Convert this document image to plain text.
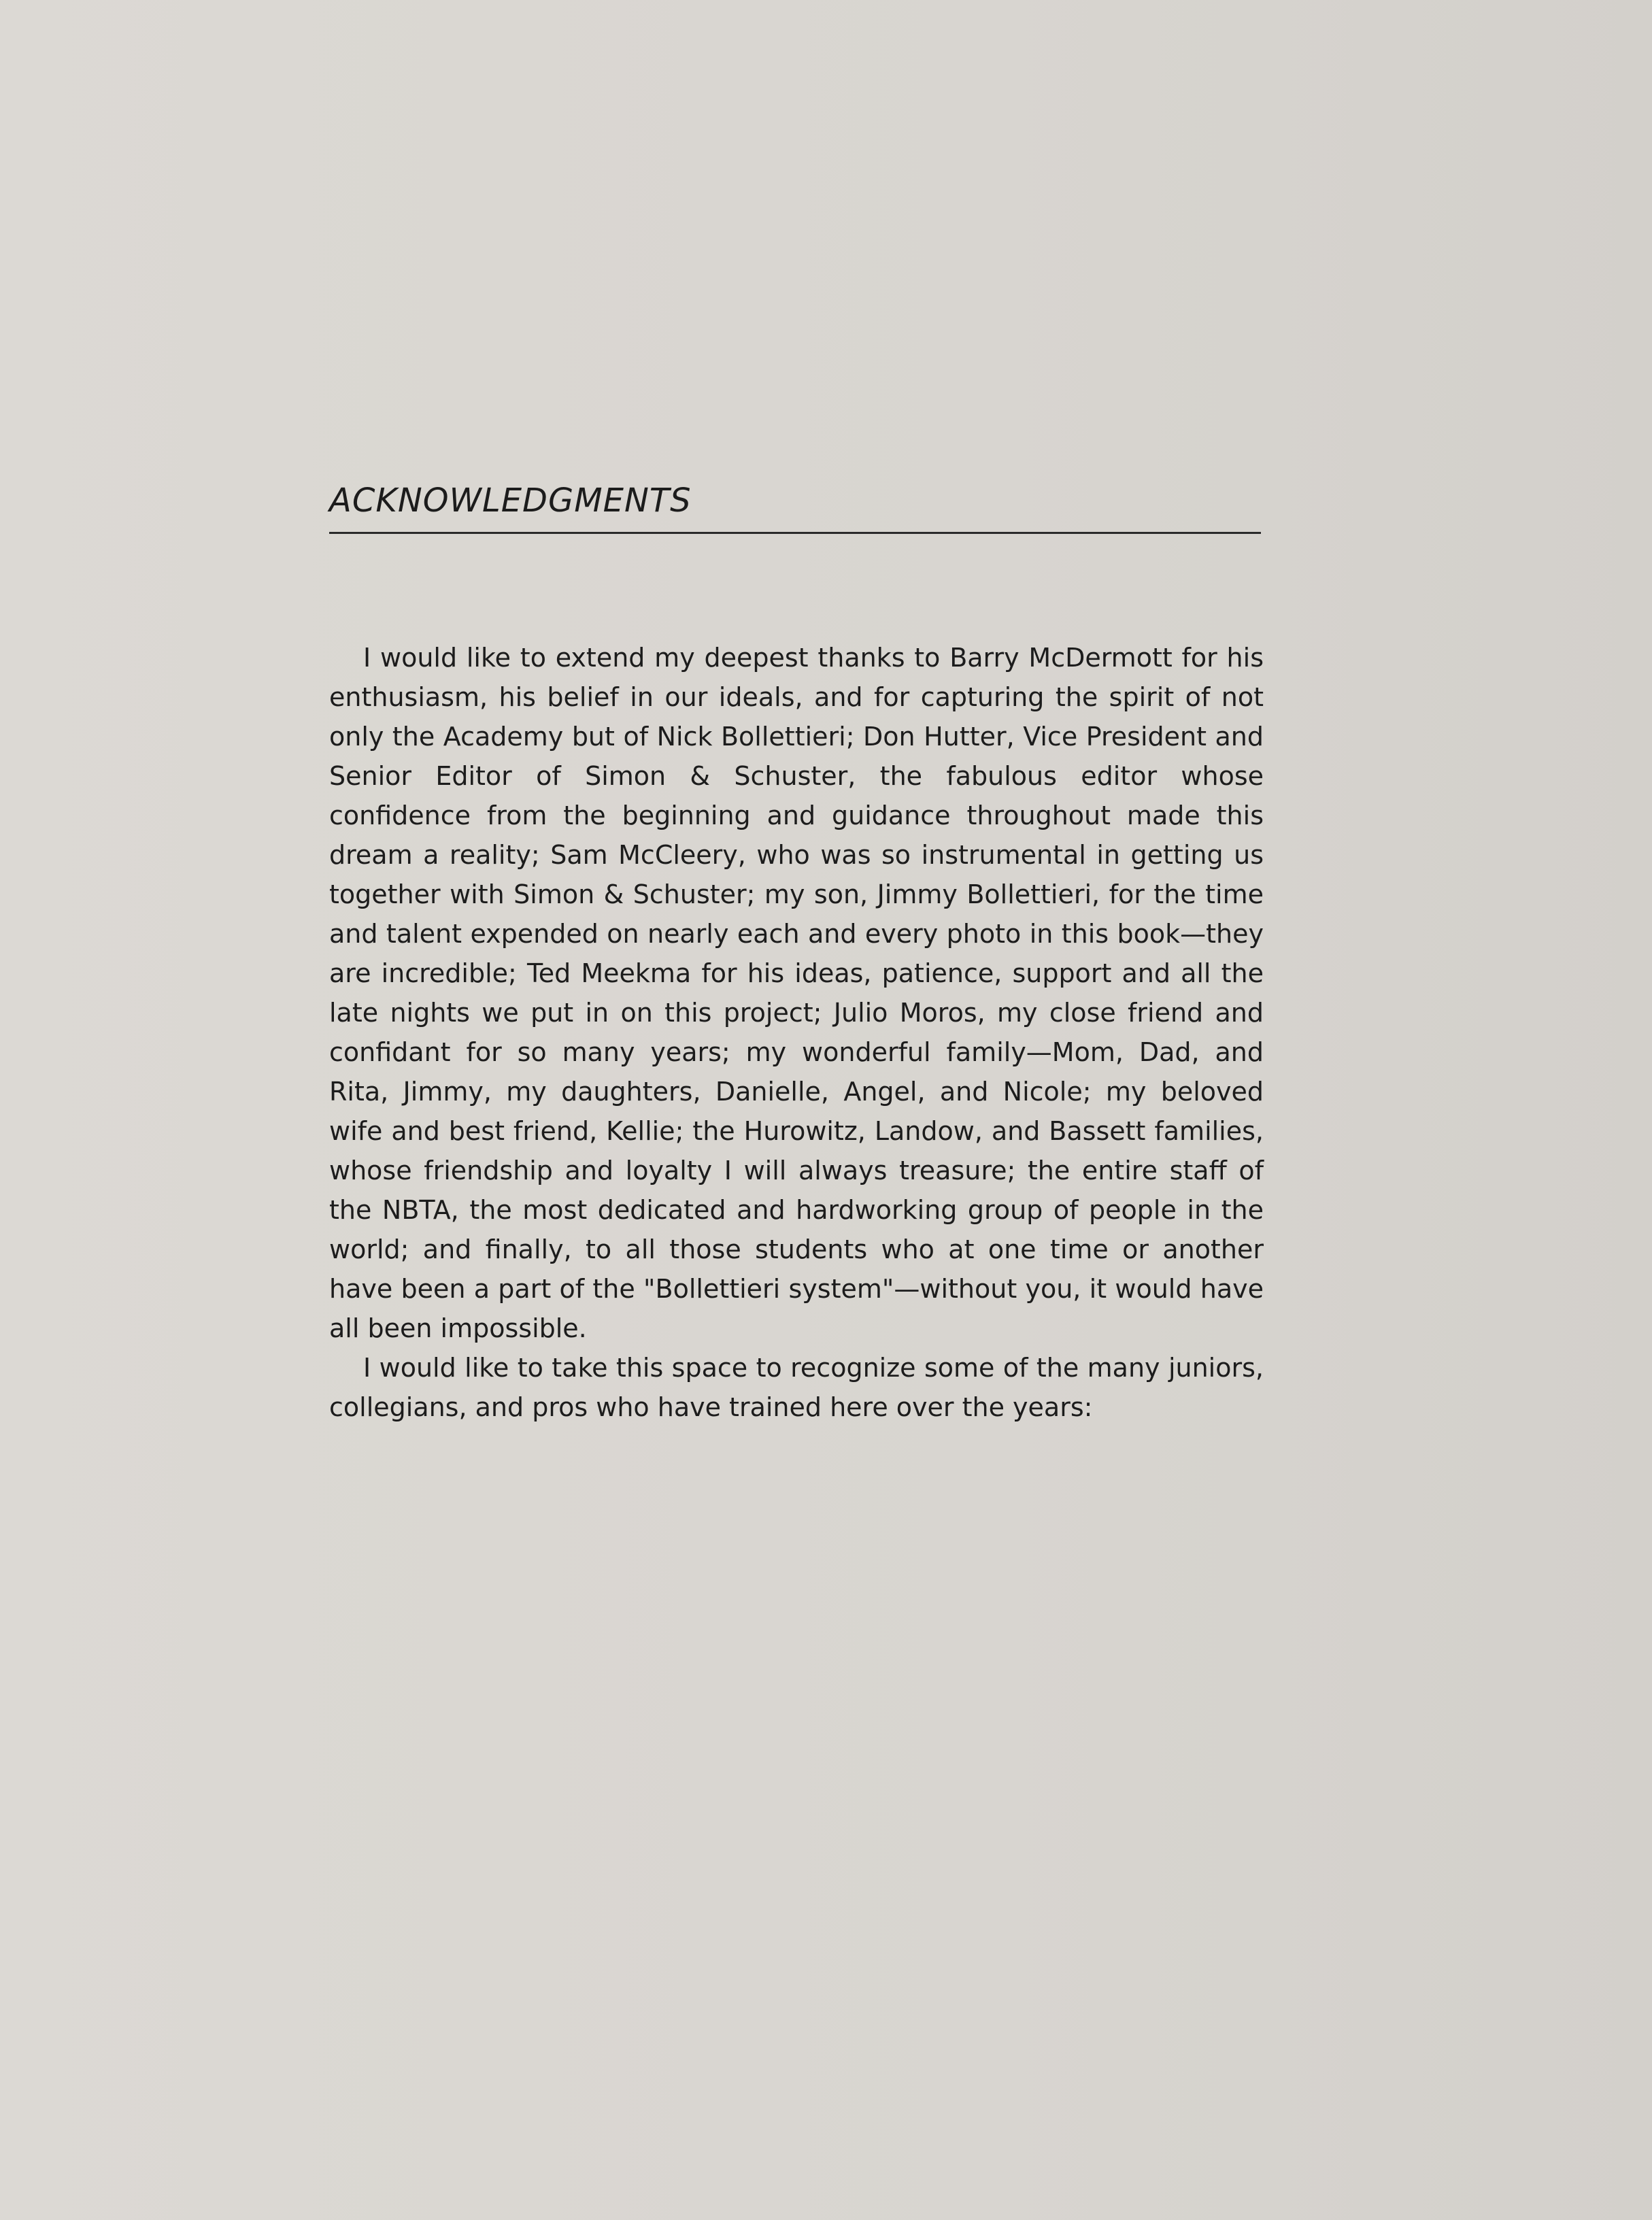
ACKNOWLEDGMENTS

I would like to extend my deepest thanks to Barry McDermott for his enthusiasm, his belief in our ideals, and for capturing the spirit of not only the Academy but of Nick Bollettieri; Don Hutter, Vice President and Senior Editor of Simon & Schuster, the fabulous editor whose confidence from the beginning and guidance throughout made this dream a reality; Sam McCleery, who was so instrumental in getting us together with Simon & Schuster; my son, Jimmy Bollettieri, for the time and talent expended on nearly each and every photo in this book—they are incredible; Ted Meekma for his ideas, patience, support and all the late nights we put in on this project; Julio Moros, my close friend and confidant for so many years; my wonderful family—Mom, Dad, and Rita, Jimmy, my daughters, Danielle, Angel, and Nicole; my beloved wife and best friend, Kellie; the Hurowitz, Landow, and Bassett families, whose friendship and loyalty I will always treasure; the entire staff of the NBTA, the most dedicated and hardworking group of people in the world; and finally, to all those students who at one time or another have been a part of the "Bollettieri system"—without you, it would have all been impossible.

I would like to take this space to recognize some of the many juniors, collegians, and pros who have trained here over the years:
